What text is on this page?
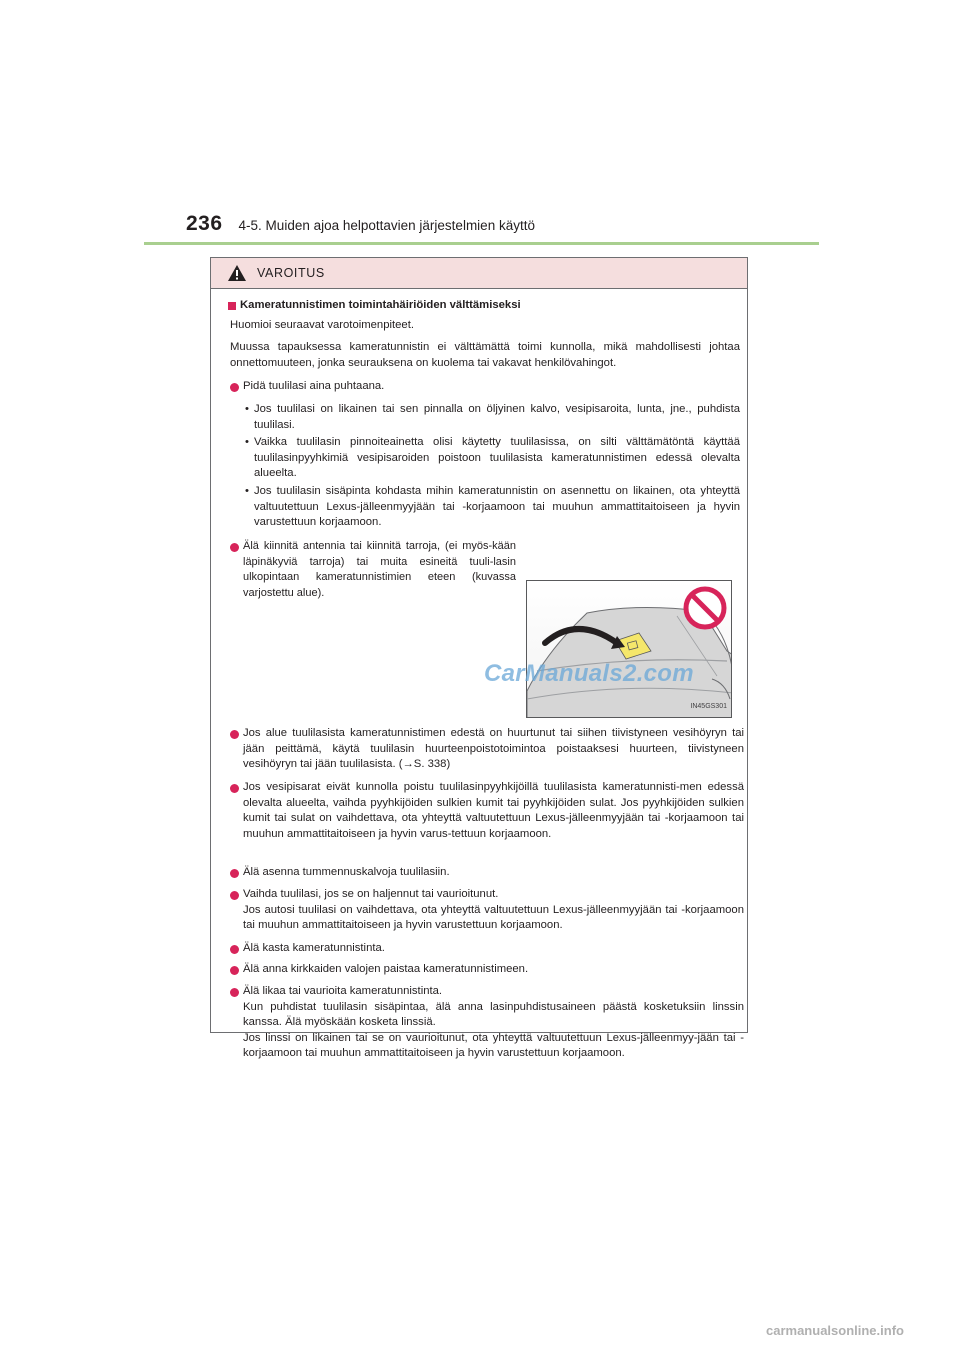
236 4-5. Muiden ajoa helpottavien järjestelmien käyttö
VAROITUS
Kameratunnistimen toimintahäiriöiden välttämiseksi
Huomioi seuraavat varotoimenpiteet.
Muussa tapauksessa kameratunnistin ei välttämättä toimi kunnolla, mikä mahdollisesti johtaa onnettomuuteen, jonka seurauksena on kuolema tai vakavat henkilövahingot.
Pidä tuulilasi aina puhtaana.
• Jos tuulilasi on likainen tai sen pinnalla on öljyinen kalvo, vesipisaroita, lunta, jne., puhdista tuulilasi.
• Vaikka tuulilasin pinnoiteainetta olisi käytetty tuulilasissa, on silti välttämätöntä käyttää tuulilasinpyyhkimiä vesipisaroiden poistoon tuulilasista kameratunnistimen edessä olevalta alueelta.
• Jos tuulilasin sisäpinta kohdasta mihin kameratunnistin on asennettu on likainen, ota yhteyttä valtuutettuun Lexus-jälleenmyyjään tai -korjaamoon tai muuhun ammattitaitoiseen ja hyvin varustettuun korjaamoon.
Älä kiinnitä antennia tai kiinnitä tarroja, (ei myös-kään läpinäkyviä tarroja) tai muita esineitä tuuli-lasin ulkopintaan kameratunnistimien eteen (kuvassa varjostettu alue).
IN45GS301
Jos alue tuulilasista kameratunnistimen edestä on huurtunut tai siihen tiivistyneen vesihöyryn tai jään peittämä, käytä tuulilasin huurteenpoistotoimintoa poistaaksesi huurteen, tiivistyneen vesihöyryn tai jään tuulilasista. (→S. 338)
Jos vesipisarat eivät kunnolla poistu tuulilasinpyyhkijöillä tuulilasista kameratunnisti-men edessä olevalta alueelta, vaihda pyyhkijöiden sulkien kumit tai pyyhkijöiden sulat. Jos pyyhkijöiden sulkien kumit tai sulat on vaihdettava, ota yhteyttä valtuutettuun Lexus-jälleenmyyjään tai -korjaamoon tai muuhun ammattitaitoiseen ja hyvin varus-tettuun korjaamoon.
Älä asenna tummennuskalvoja tuulilasiin.

Vaihda tuulilasi, jos se on haljennut tai vaurioitunut.

Jos autosi tuulilasi on vaihdettava, ota yhteyttä valtuutettuun Lexus-jälleenmyyjään tai -korjaamoon tai muuhun ammattitaitoiseen ja hyvin varustettuun korjaamoon.

Älä kasta kameratunnistinta.
Älä anna kirkkaiden valojen paistaa kameratunnistimeen.

Älä likaa tai vaurioita kameratunnistinta.

Kun puhdistat tuulilasin sisäpintaa, älä anna lasinpuhdistusaineen päästä kosketuksiin linssin kanssa. Älä myöskään kosketa linssiä.

Jos linssi on likainen tai se on vaurioitunut, ota yhteyttä valtuutettuun Lexus-jälleenmyy-jään tai -korjaamoon tai muuhun ammattitaitoiseen ja hyvin varustettuun korjaamoon.

CarManuals2.com
carmanualsonline.info
